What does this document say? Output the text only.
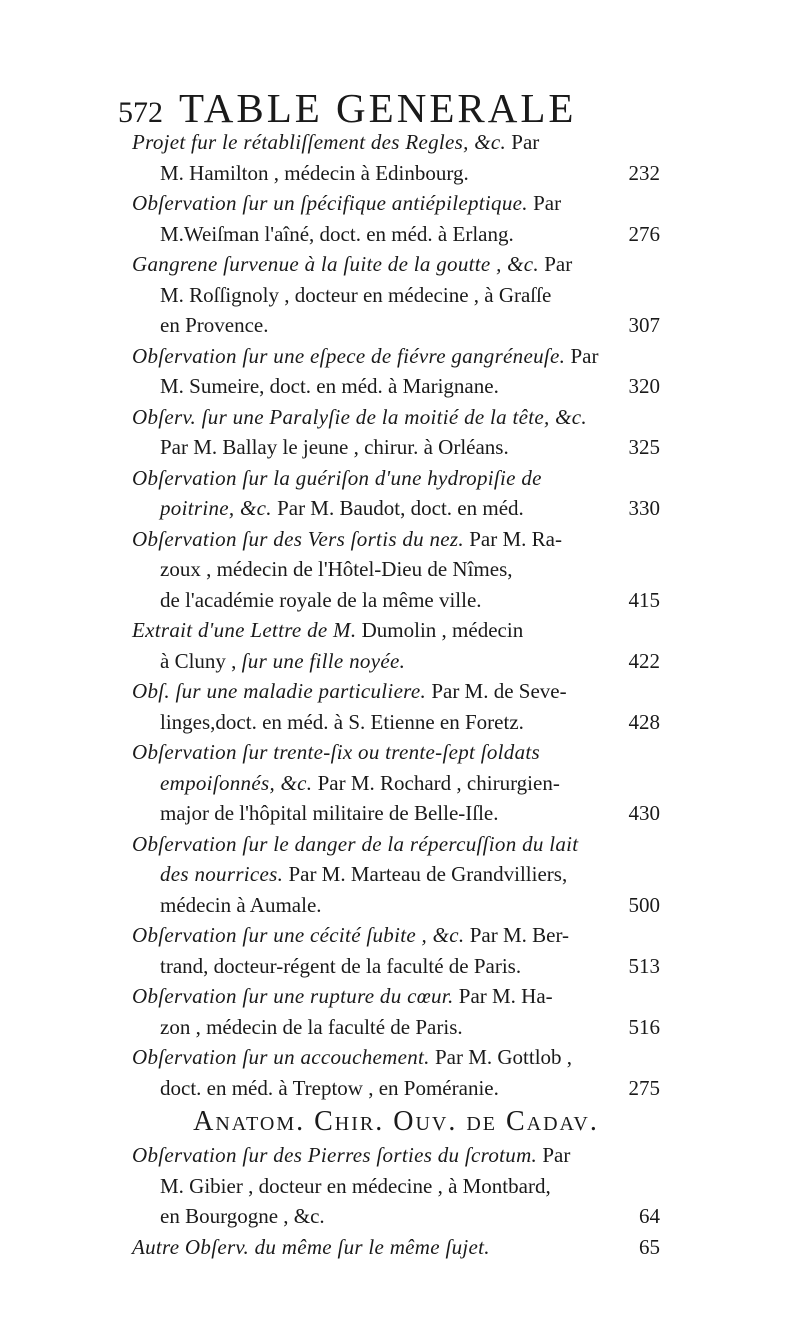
572 TABLE GENERALE
Projet fur le rétabliſſement des Regles, &c. Par
M. Hamilton , médecin à Edinbourg.	232
Obſervation ſur un ſpécifique antiépileptique. Par
M.Weiſman l'aîné, doct. en méd. à Erlang.	276
Gangrene ſurvenue à la ſuite de la goutte , &c. Par
M. Roſſignoly , docteur en médecine , à Graſſe
en Provence.	307
Obſervation ſur une eſpece de fiévre gangréneuſe. Par
M. Sumeire, doct. en méd. à Marignane.	320
Obſerv. ſur une Paralyſie de la moitié de la tête, &c.
Par M. Ballay le jeune , chirur. à Orléans.	325
Obſervation ſur la guériſon d'une hydropiſie de
poitrine, &c. Par M. Baudot, doct. en méd.	330
Obſervation ſur des Vers ſortis du nez. Par M. Ra-
zoux , médecin de l'Hôtel-Dieu de Nîmes,
de l'académie royale de la même ville.	415
Extrait d'une Lettre de M. Dumolin , médecin
à Cluny , ſur une fille noyée.	422
Obſ. ſur une maladie particuliere. Par M. de Seve-
linges,doct. en méd. à S. Etienne en Foretz.	428
Obſervation ſur trente-ſix ou trente-ſept ſoldats
empoiſonnés, &c. Par M. Rochard , chirurgien-
major de l'hôpital militaire de Belle-Iſle.	430
Obſervation ſur le danger de la répercuſſion du lait
des nourrices. Par M. Marteau de Grandvilliers,
médecin à Aumale.	500
Obſervation ſur une cécité ſubite , &c. Par M. Ber-
trand, docteur-régent de la faculté de Paris.	513
Obſervation ſur une rupture du cœur. Par M. Ha-
zon , médecin de la faculté de Paris.	516
Obſervation ſur un accouchement. Par M. Gottlob ,
doct. en méd. à Treptow , en Poméranie.	275
Anatom. Chir. Ouv. de Cadav.
Obſervation ſur des Pierres ſorties du ſcrotum. Par
M. Gibier , docteur en médecine , à Montbard,
en Bourgogne , &c.	64
Autre Obſerv. du même ſur le même ſujet.	65
